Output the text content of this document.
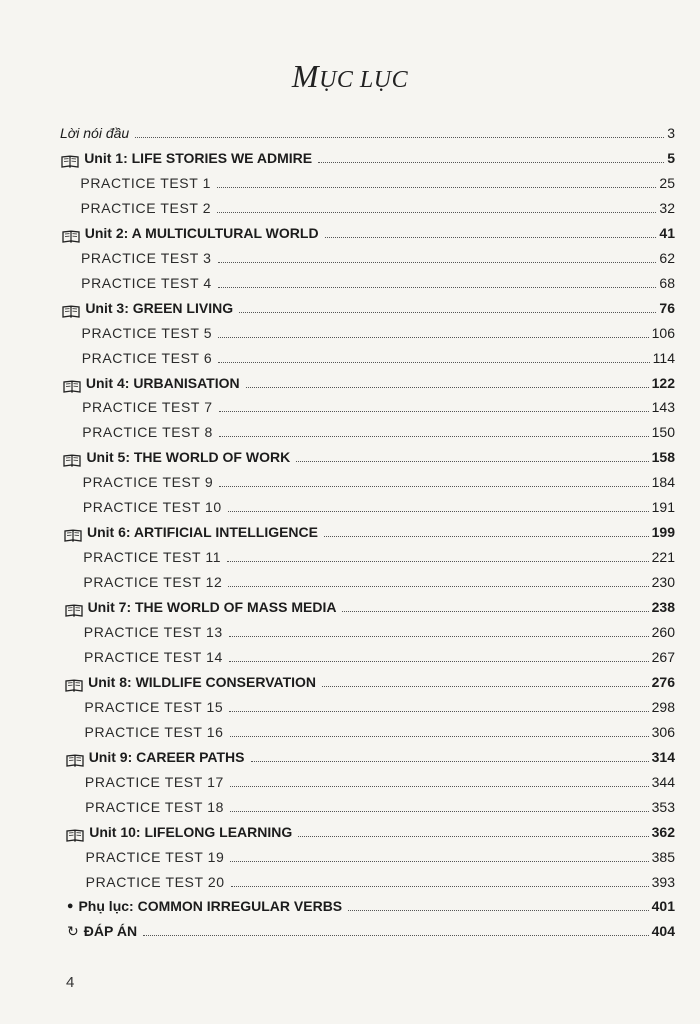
MỤC LỤC
Lời nói đầu	3
Unit 1: LIFE STORIES WE ADMIRE	5
PRACTICE TEST 1	25
PRACTICE TEST 2	32
Unit 2: A MULTICULTURAL WORLD	41
PRACTICE TEST 3	62
PRACTICE TEST 4	68
Unit 3: GREEN LIVING	76
PRACTICE TEST 5	106
PRACTICE TEST 6	114
Unit 4: URBANISATION	122
PRACTICE TEST 7	143
PRACTICE TEST 8	150
Unit 5: THE WORLD OF WORK	158
PRACTICE TEST 9	184
PRACTICE TEST 10	191
Unit 6: ARTIFICIAL INTELLIGENCE	199
PRACTICE TEST 11	221
PRACTICE TEST 12	230
Unit 7: THE WORLD OF MASS MEDIA	238
PRACTICE TEST 13	260
PRACTICE TEST 14	267
Unit 8: WILDLIFE CONSERVATION	276
PRACTICE TEST 15	298
PRACTICE TEST 16	306
Unit 9: CAREER PATHS	314
PRACTICE TEST 17	344
PRACTICE TEST 18	353
Unit 10: LIFELONG LEARNING	362
PRACTICE TEST 19	385
PRACTICE TEST 20	393
● Phụ lục: COMMON IRREGULAR VERBS	401
↻ ĐÁP ÁN	404
4
